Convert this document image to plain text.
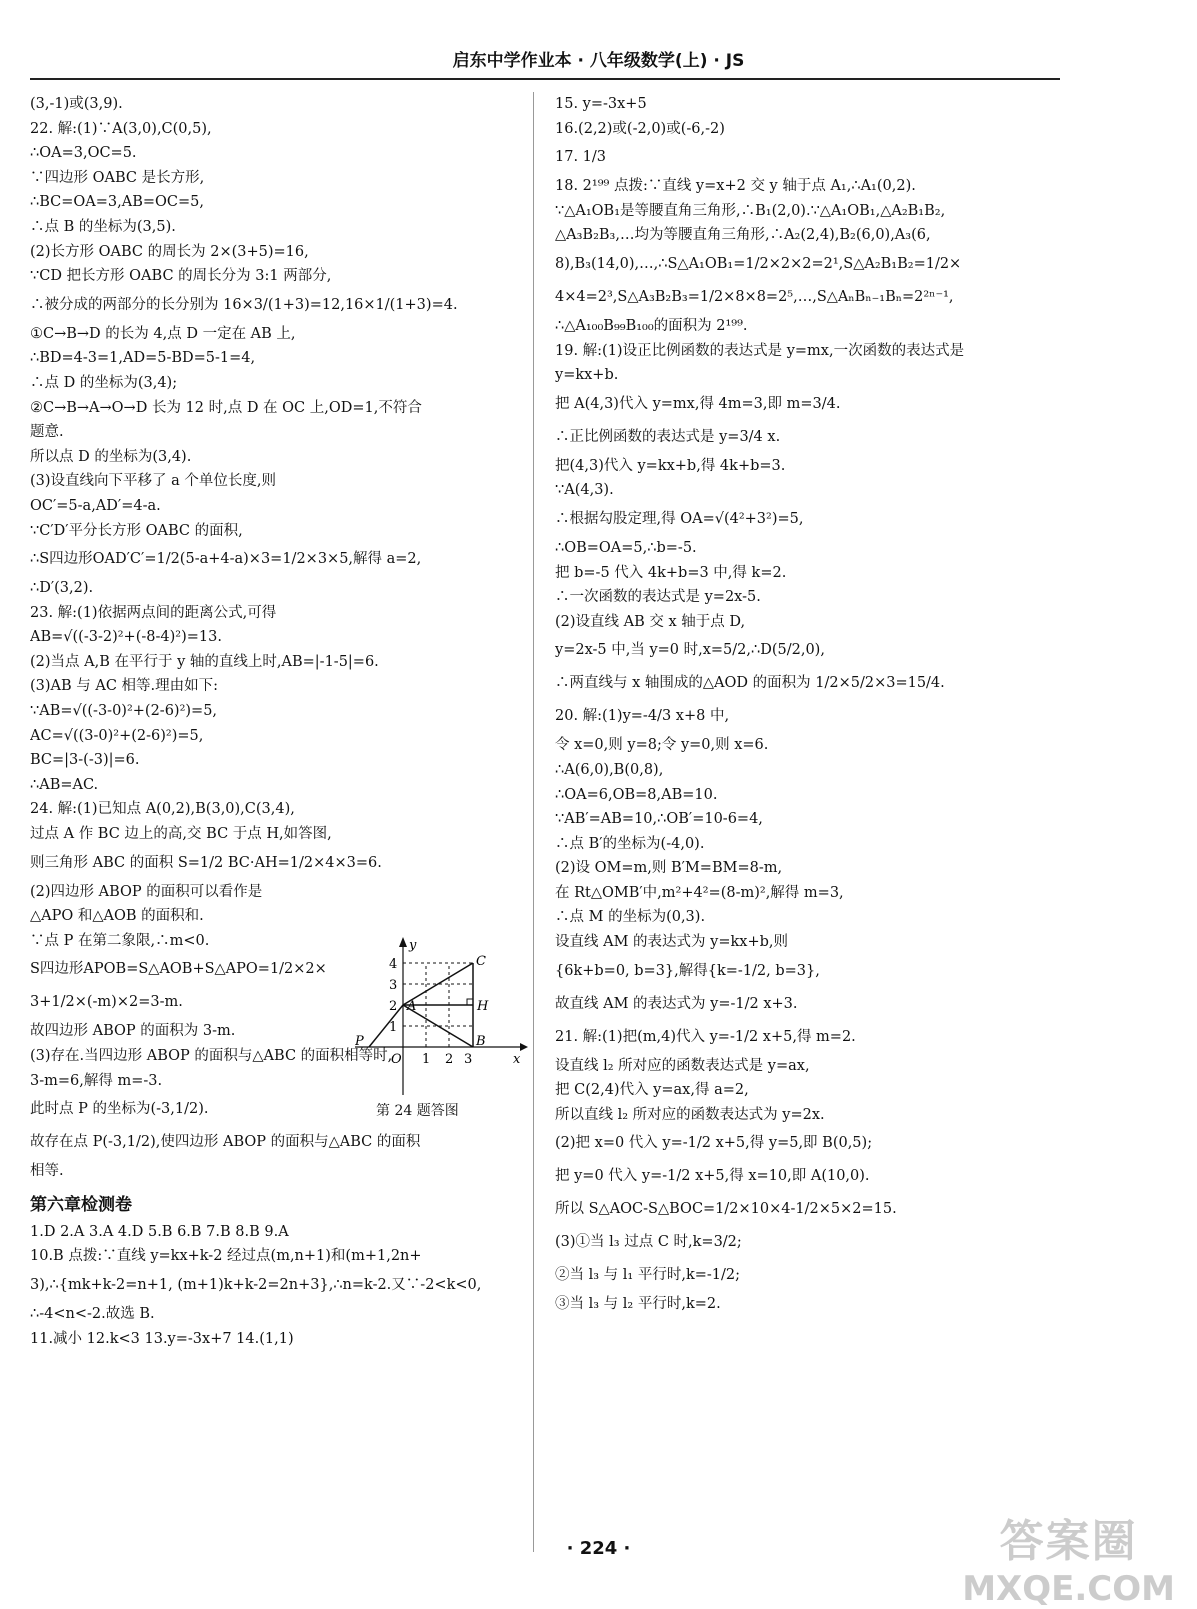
启东中学作业本 · 八年级数学(上) · JS
(3,-1)或(3,9).
22. 解:(1)∵A(3,0),C(0,5),
∴OA=3,OC=5.
∵四边形 OABC 是长方形,
∴BC=OA=3,AB=OC=5,
∴点 B 的坐标为(3,5).
(2)长方形 OABC 的周长为 2×(3+5)=16,
∵CD 把长方形 OABC 的周长分为 3:1 两部分,
∴被分成的两部分的长分别为 16×3/(1+3)=12,16×1/(1+3)=4.
①C→B→D 的长为 4,点 D 一定在 AB 上,
∴BD=4-3=1,AD=5-BD=5-1=4,
∴点 D 的坐标为(3,4);
②C→B→A→O→D 长为 12 时,点 D 在 OC 上,OD=1,不符合
题意.
所以点 D 的坐标为(3,4).
(3)设直线向下平移了 a 个单位长度,则
OC′=5-a,AD′=4-a.
∵C′D′平分长方形 OABC 的面积,
∴S四边形OAD′C′=1/2(5-a+4-a)×3=1/2×3×5,解得 a=2,
∴D′(3,2).
23. 解:(1)依据两点间的距离公式,可得
AB=√((-3-2)²+(-8-4)²)=13.
(2)当点 A,B 在平行于 y 轴的直线上时,AB=|-1-5|=6.
(3)AB 与 AC 相等.理由如下:
∵AB=√((-3-0)²+(2-6)²)=5,
AC=√((3-0)²+(2-6)²)=5,
BC=|3-(-3)|=6.
∴AB=AC.
24. 解:(1)已知点 A(0,2),B(3,0),C(3,4),
过点 A 作 BC 边上的高,交 BC 于点 H,如答图,
则三角形 ABC 的面积 S=1/2 BC·AH=1/2×4×3=6.
(2)四边形 ABOP 的面积可以看作是
△APO 和△AOB 的面积和.
∵点 P 在第二象限,∴m<0.
S四边形APOB=S△AOB+S△APO=1/2×2×
3+1/2×(-m)×2=3-m.
故四边形 ABOP 的面积为 3-m.
(3)存在.当四边形 ABOP 的面积与△ABC 的面积相等时,
3-m=6,解得 m=-3.
此时点 P 的坐标为(-3,1/2).
故存在点 P(-3,1/2),使四边形 ABOP 的面积与△ABC 的面积
相等.
第六章检测卷
1.D 2.A 3.A 4.D 5.B 6.B 7.B 8.B 9.A
10.B 点拨:∵直线 y=kx+k-2 经过点(m,n+1)和(m+1,2n+
3),∴{mk+k-2=n+1, (m+1)k+k-2=2n+3},∴n=k-2.又∵-2<k<0,
∴-4<n<-2.故选 B.
11.减小 12.k<3 13.y=-3x+7 14.(1,1)
15. y=-3x+5
16.(2,2)或(-2,0)或(-6,-2)
17. 1/3
18. 2¹⁹⁹ 点拨:∵直线 y=x+2 交 y 轴于点 A₁,∴A₁(0,2).
∵△A₁OB₁是等腰直角三角形,∴B₁(2,0).∵△A₁OB₁,△A₂B₁B₂,
△A₃B₂B₃,…均为等腰直角三角形,∴A₂(2,4),B₂(6,0),A₃(6,
8),B₃(14,0),…,∴S△A₁OB₁=1/2×2×2=2¹,S△A₂B₁B₂=1/2×
4×4=2³,S△A₃B₂B₃=1/2×8×8=2⁵,…,S△AₙBₙ₋₁Bₙ=2²ⁿ⁻¹,
∴△A₁₀₀B₉₉B₁₀₀的面积为 2¹⁹⁹.
19. 解:(1)设正比例函数的表达式是 y=mx,一次函数的表达式是
y=kx+b.
把 A(4,3)代入 y=mx,得 4m=3,即 m=3/4.
∴正比例函数的表达式是 y=3/4 x.
把(4,3)代入 y=kx+b,得 4k+b=3.
∵A(4,3).
∴根据勾股定理,得 OA=√(4²+3²)=5,
∴OB=OA=5,∴b=-5.
把 b=-5 代入 4k+b=3 中,得 k=2.
∴一次函数的表达式是 y=2x-5.
(2)设直线 AB 交 x 轴于点 D,
y=2x-5 中,当 y=0 时,x=5/2,∴D(5/2,0),
∴两直线与 x 轴围成的△AOD 的面积为 1/2×5/2×3=15/4.
20. 解:(1)y=-4/3 x+8 中,
令 x=0,则 y=8;令 y=0,则 x=6.
∴A(6,0),B(0,8),
∴OA=6,OB=8,AB=10.
∵AB′=AB=10,∴OB′=10-6=4,
∴点 B′的坐标为(-4,0).
(2)设 OM=m,则 B′M=BM=8-m,
在 Rt△OMB′中,m²+4²=(8-m)²,解得 m=3,
∴点 M 的坐标为(0,3).
设直线 AM 的表达式为 y=kx+b,则
{6k+b=0, b=3},解得{k=-1/2, b=3},
故直线 AM 的表达式为 y=-1/2 x+3.
21. 解:(1)把(m,4)代入 y=-1/2 x+5,得 m=2.
设直线 l₂ 所对应的函数表达式是 y=ax,
把 C(2,4)代入 y=ax,得 a=2,
所以直线 l₂ 所对应的函数表达式为 y=2x.
(2)把 x=0 代入 y=-1/2 x+5,得 y=5,即 B(0,5);
把 y=0 代入 y=-1/2 x+5,得 x=10,即 A(10,0).
所以 S△AOC-S△BOC=1/2×10×4-1/2×5×2=15.
(3)①当 l₃ 过点 C 时,k=3/2;
②当 l₃ 与 l₁ 平行时,k=-1/2;
③当 l₃ 与 l₂ 平行时,k=2.
y
x
4
3
2
1
1 2 3
O
A
B
C
H
P
第 24 题答图
· 224 ·	答案圈
MXQE.COM
